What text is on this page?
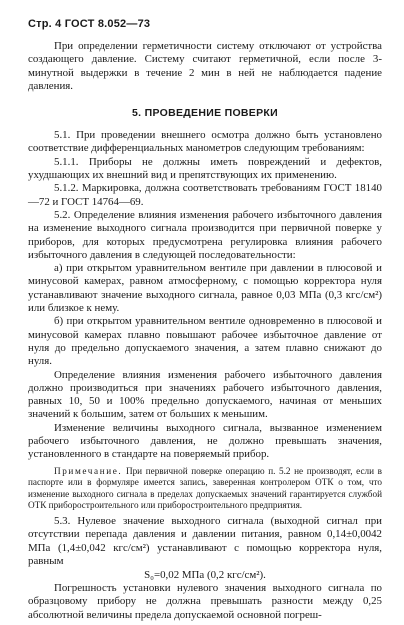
Стр. 4 ГОСТ 8.052—73

При определении герметичности систему отключают от устройства создающего давление. Систему считают герметичной, если после 3-минутной выдержки в течение 2 мин в ней не наблюдается падение давления.

5. ПРОВЕДЕНИЕ ПОВЕРКИ

5.1. При проведении внешнего осмотра должно быть установлено соответствие дифференциальных манометров следующим требованиям:

5.1.1. Приборы не должны иметь повреждений и дефектов, ухудшающих их внешний вид и препятствующих их применению.

5.1.2. Маркировка, должна соответствовать требованиям ГОСТ 18140—72 и ГОСТ 14764—69.

5.2. Определение влияния изменения рабочего избыточного давления на изменение выходного сигнала производится при первичной поверке у приборов, для которых предусмотрена регулировка влияния рабочего избыточного давления в следующей последовательности:

а) при открытом уравнительном вентиле при давлении в плюсовой и минусовой камерах, равном атмосферному, с помощью корректора нуля устанавливают значение выходного сигнала, равное 0,03 МПа (0,3 кгс/см²) или близкое к нему.

б) при открытом уравнительном вентиле одновременно в плюсовой и минусовой камерах плавно повышают рабочее избыточное давление от нуля до предельно допускаемого значения, а затем плавно снижают до нуля.

Определение влияния изменения рабочего избыточного давления должно производиться при значениях рабочего избыточного давления, равных 10, 50 и 100% предельно допускаемого, начиная от меньших значений к большим, затем от больших к меньшим.

Изменение величины выходного сигнала, вызванное изменением рабочего избыточного давления, не должно превышать значения, установленного в стандарте на поверяемый прибор.

Примечание. При первичной поверке операцию п. 5.2 не производят, если в паспорте или в формуляре имеется запись, заверенная контролером ОТК о том, что изменение выходного сигнала в пределах допускаемых значений гарантируется службой ОТК приборостроительного или приборостроительного предприятия.

5.3. Нулевое значение выходного сигнала (выходной сигнал при отсутствии перепада давления и давлении питания, равном 0,14±0,0042 МПа (1,4±0,042 кгс/см²) устанавливают с помощью корректора нуля, равным

S₀=0,02 МПа (0,2 кгс/см²).

Погрешность установки нулевого значения выходного сигнала по образцовому прибору не должна превышать разности между 0,25 абсолютной величины предела допускаемой основной погреш-
